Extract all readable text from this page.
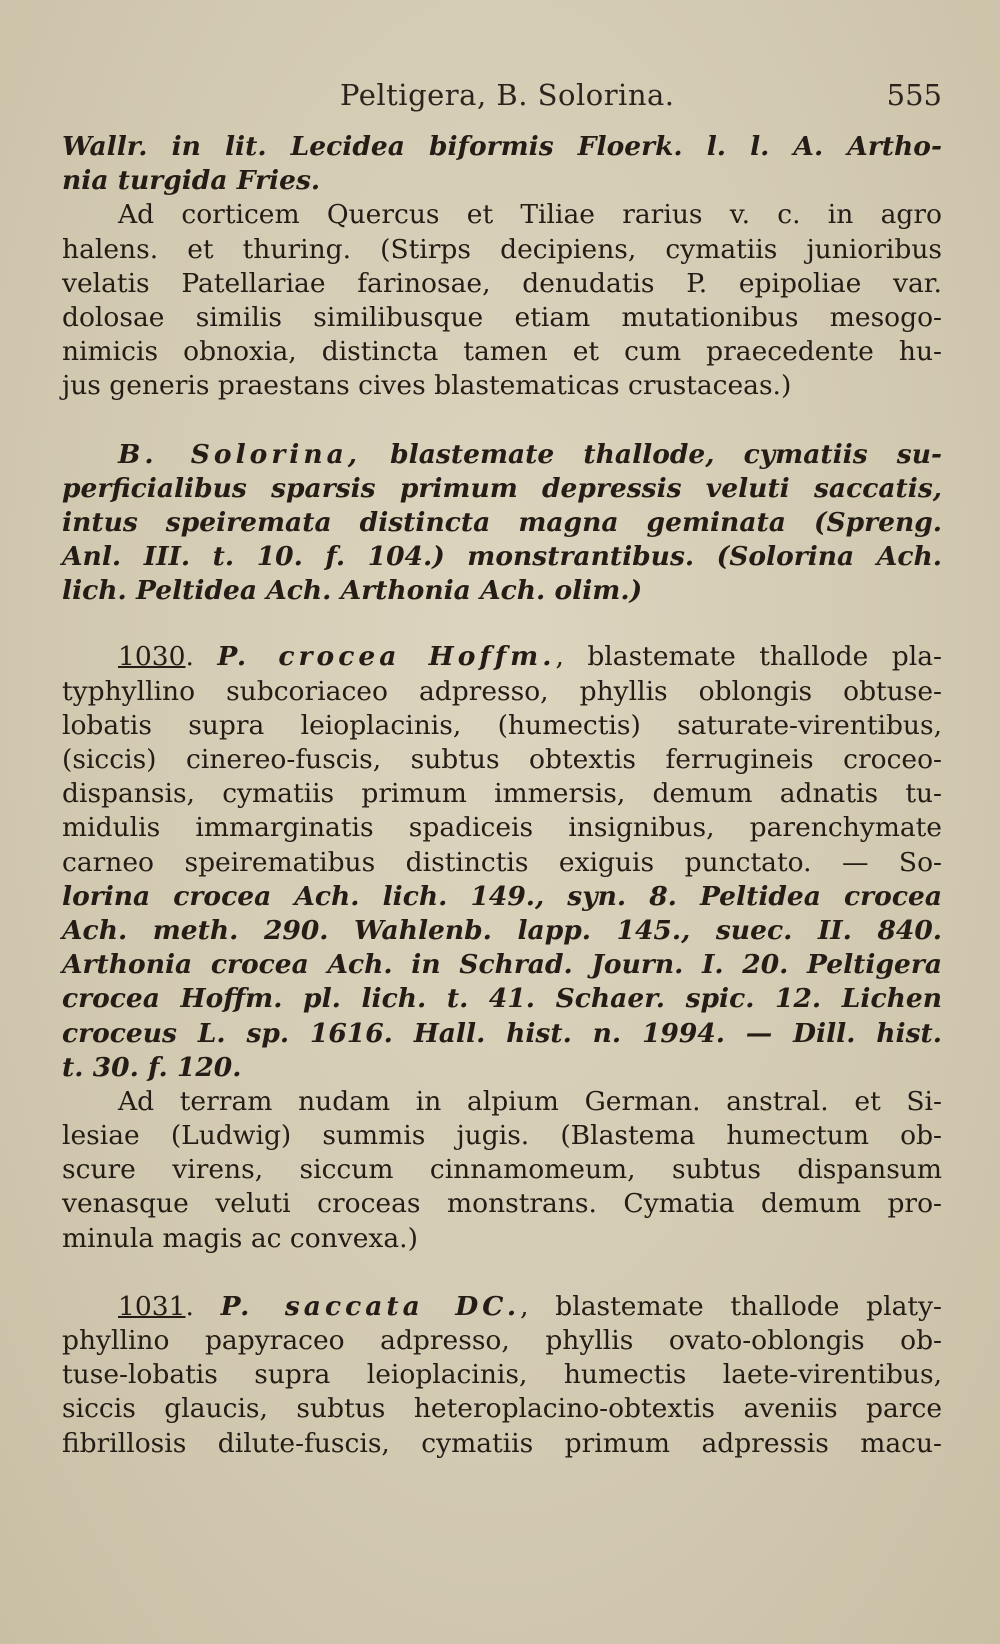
Peltigera, B. Solorina.	555
Wallr. in lit. Lecidea biformis Floerk. l. l. A. Artho-
nia turgida Fries.
Ad corticem Quercus et Tiliae rarius v. c. in agro
halens. et thuring. (Stirps decipiens, cymatiis junioribus
velatis Patellariae farinosae, denudatis P. epipoliae var.
dolosae similis similibusque etiam mutationibus mesogo-
nimicis obnoxia, distincta tamen et cum praecedente hu-
jus generis praestans cives blastematicas crustaceas.)
B. Solorina, blastemate thallode, cymatiis su-
perficialibus sparsis primum depressis veluti saccatis,
intus speiremata distincta magna geminata (Spreng.
Anl. III. t. 10. f. 104.) monstrantibus. (Solorina Ach.
lich. Peltidea Ach. Arthonia Ach. olim.)
1030. P. crocea Hoffm., blastemate thallode pla-
typhyllino subcoriaceo adpresso, phyllis oblongis obtuse-
lobatis supra leioplacinis, (humectis) saturate-virentibus,
(siccis) cinereo-fuscis, subtus obtextis ferrugineis croceo-
dispansis, cymatiis primum immersis, demum adnatis tu-
midulis immarginatis spadiceis insignibus, parenchymate
carneo speirematibus distinctis exiguis punctato. — So-
lorina crocea Ach. lich. 149., syn. 8. Peltidea crocea
Ach. meth. 290. Wahlenb. lapp. 145., suec. II. 840.
Arthonia crocea Ach. in Schrad. Journ. I. 20. Peltigera
crocea Hoffm. pl. lich. t. 41. Schaer. spic. 12. Lichen
croceus L. sp. 1616. Hall. hist. n. 1994. — Dill. hist.
t. 30. f. 120.
Ad terram nudam in alpium German. anstral. et Si-
lesiae (Ludwig) summis jugis. (Blastema humectum ob-
scure virens, siccum cinnamomeum, subtus dispansum
venasque veluti croceas monstrans. Cymatia demum pro-
minula magis ac convexa.)
1031. P. saccata DC., blastemate thallode platy-
phyllino papyraceo adpresso, phyllis ovato-oblongis ob-
tuse-lobatis supra leioplacinis, humectis laete-virentibus,
siccis glaucis, subtus heteroplacino-obtextis aveniis parce
fibrillosis dilute-fuscis, cymatiis primum adpressis macu-
